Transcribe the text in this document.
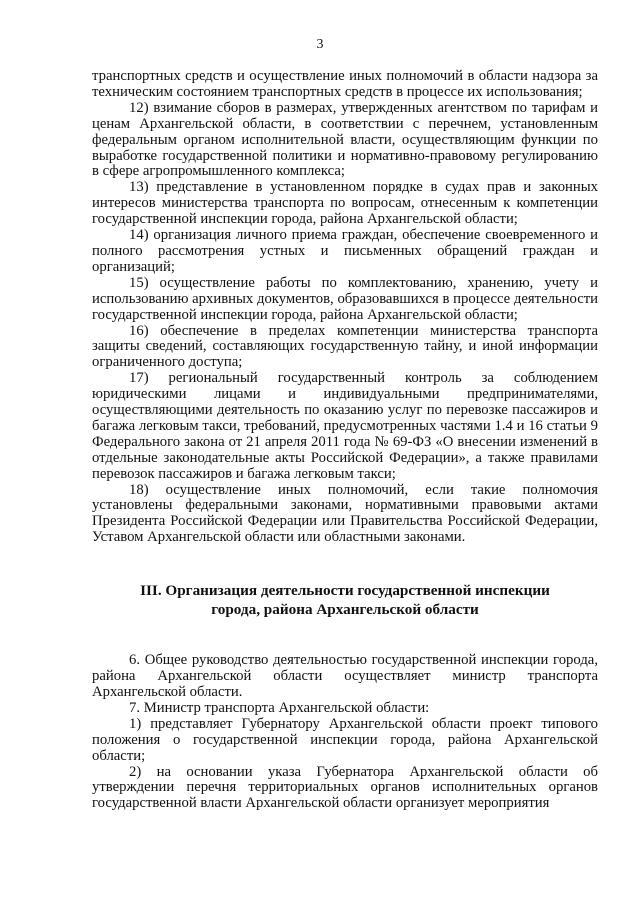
3

транспортных средств и осуществление иных полномочий в области надзора за техническим состоянием транспортных средств в процессе их использования;

12) взимание сборов в размерах, утвержденных агентством по тарифам и ценам Архангельской области, в соответствии с перечнем, установленным федеральным органом исполнительной власти, осуществляющим функции по выработке государственной политики и нормативно-правовому регулированию в сфере агропромышленного комплекса;

13) представление в установленном порядке в судах прав и законных интересов министерства транспорта по вопросам, отнесенным к компетенции государственной инспекции города, района Архангельской области;

14) организация личного приема граждан, обеспечение своевременного и полного рассмотрения устных и письменных обращений граждан и организаций;

15) осуществление работы по комплектованию, хранению, учету и использованию архивных документов, образовавшихся в процессе деятельности государственной инспекции города, района Архангельской области;

16) обеспечение в пределах компетенции министерства транспорта защиты сведений, составляющих государственную тайну, и иной информации ограниченного доступа;

17) региональный государственный контроль за соблюдением юридическими лицами и индивидуальными предпринимателями, осуществляющими деятельность по оказанию услуг по перевозке пассажиров и багажа легковым такси, требований, предусмотренных частями 1.4 и 16 статьи 9 Федерального закона от 21 апреля 2011 года № 69-ФЗ «О внесении изменений в отдельные законодательные акты Российской Федерации», а также правилами перевозок пассажиров и багажа легковым такси;

18) осуществление иных полномочий, если такие полномочия установлены федеральными законами, нормативными правовыми актами Президента Российской Федерации или Правительства Российской Федерации, Уставом Архангельской области или областными законами.

III. Организация деятельности государственной инспекции
города, района Архангельской области

6. Общее руководство деятельностью государственной инспекции города, района Архангельской области осуществляет министр транспорта Архангельской области.

7. Министр транспорта Архангельской области:

1) представляет Губернатору Архангельской области проект типового положения о государственной инспекции города, района Архангельской области;

2) на основании указа Губернатора Архангельской области об утверждении перечня территориальных органов исполнительных органов государственной власти Архангельской области организует мероприятия
